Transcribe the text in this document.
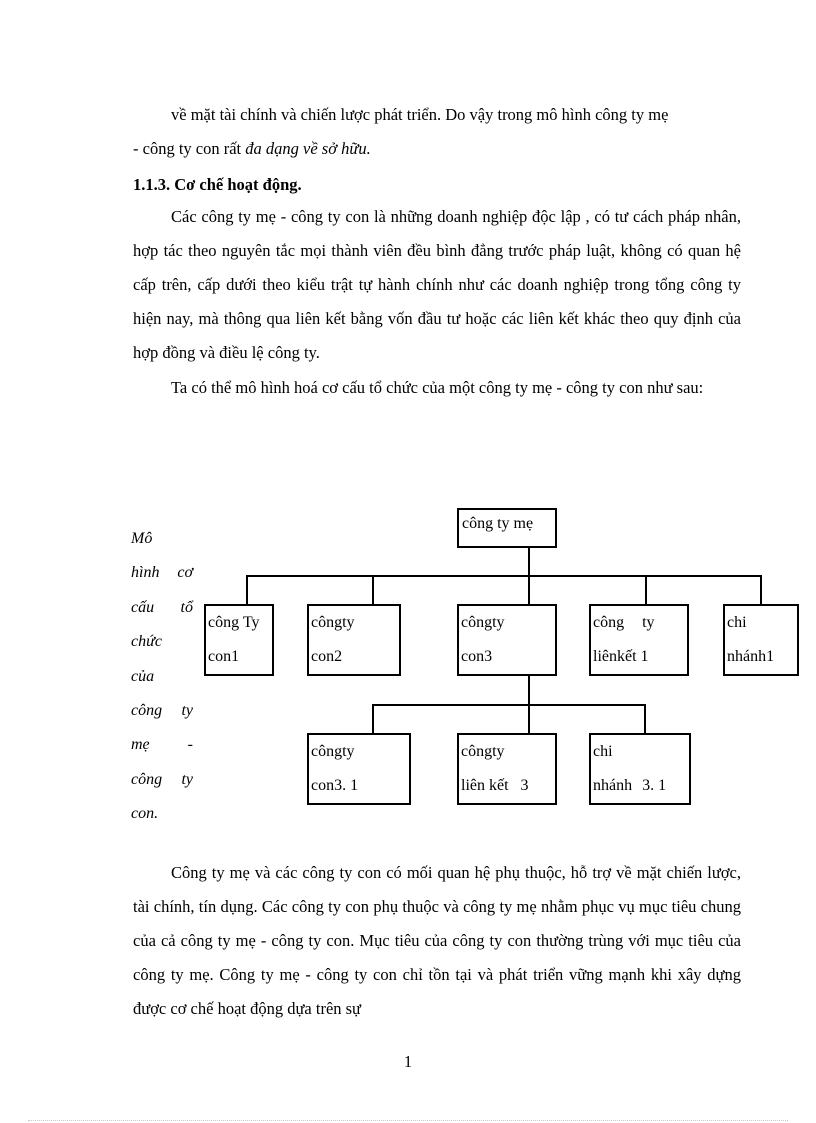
về mặt tài chính và chiến lược phát triển. Do vậy trong mô hình công ty mẹ

- công ty con rất đa dạng về sở hữu.

1.1.3. Cơ chế hoạt động.

Các công ty mẹ - công ty con là những doanh nghiệp độc lập , có tư cách pháp nhân, hợp tác theo nguyên tắc mọi thành viên đều bình đẳng trước pháp luật, không có quan hệ cấp trên, cấp dưới theo kiểu trật tự hành chính như các doanh nghiệp trong tổng công ty hiện nay, mà thông qua liên kết bằng vốn đầu tư hoặc các liên kết khác theo quy định của hợp đồng và điều lệ công ty.

Ta có thể mô hình hoá cơ cấu tổ chức của một công ty mẹ - công ty con như sau:

Mô
hình cơ
cấu tổ
chức
của
công ty
mẹ -
công ty
con.
công ty mẹ
công Ty
con1
côngty
con2
côngty
con3
công ty
liênkết 1
chi
nhánh1
côngty
con3. 1
côngty
liên kết 3
chi
nhánh 3. 1

Công ty mẹ và các công ty con có mối quan hệ phụ thuộc, hỗ trợ về mặt chiến lược, tài chính, tín dụng. Các công ty con phụ thuộc và công ty mẹ nhằm phục vụ mục tiêu chung của cả công ty mẹ - công ty con. Mục tiêu của công ty con thường trùng với mục tiêu của công ty mẹ. Công ty mẹ - công ty con chỉ tồn tại và phát triển vững mạnh khi xây dựng được cơ chế hoạt động dựa trên sự

1
